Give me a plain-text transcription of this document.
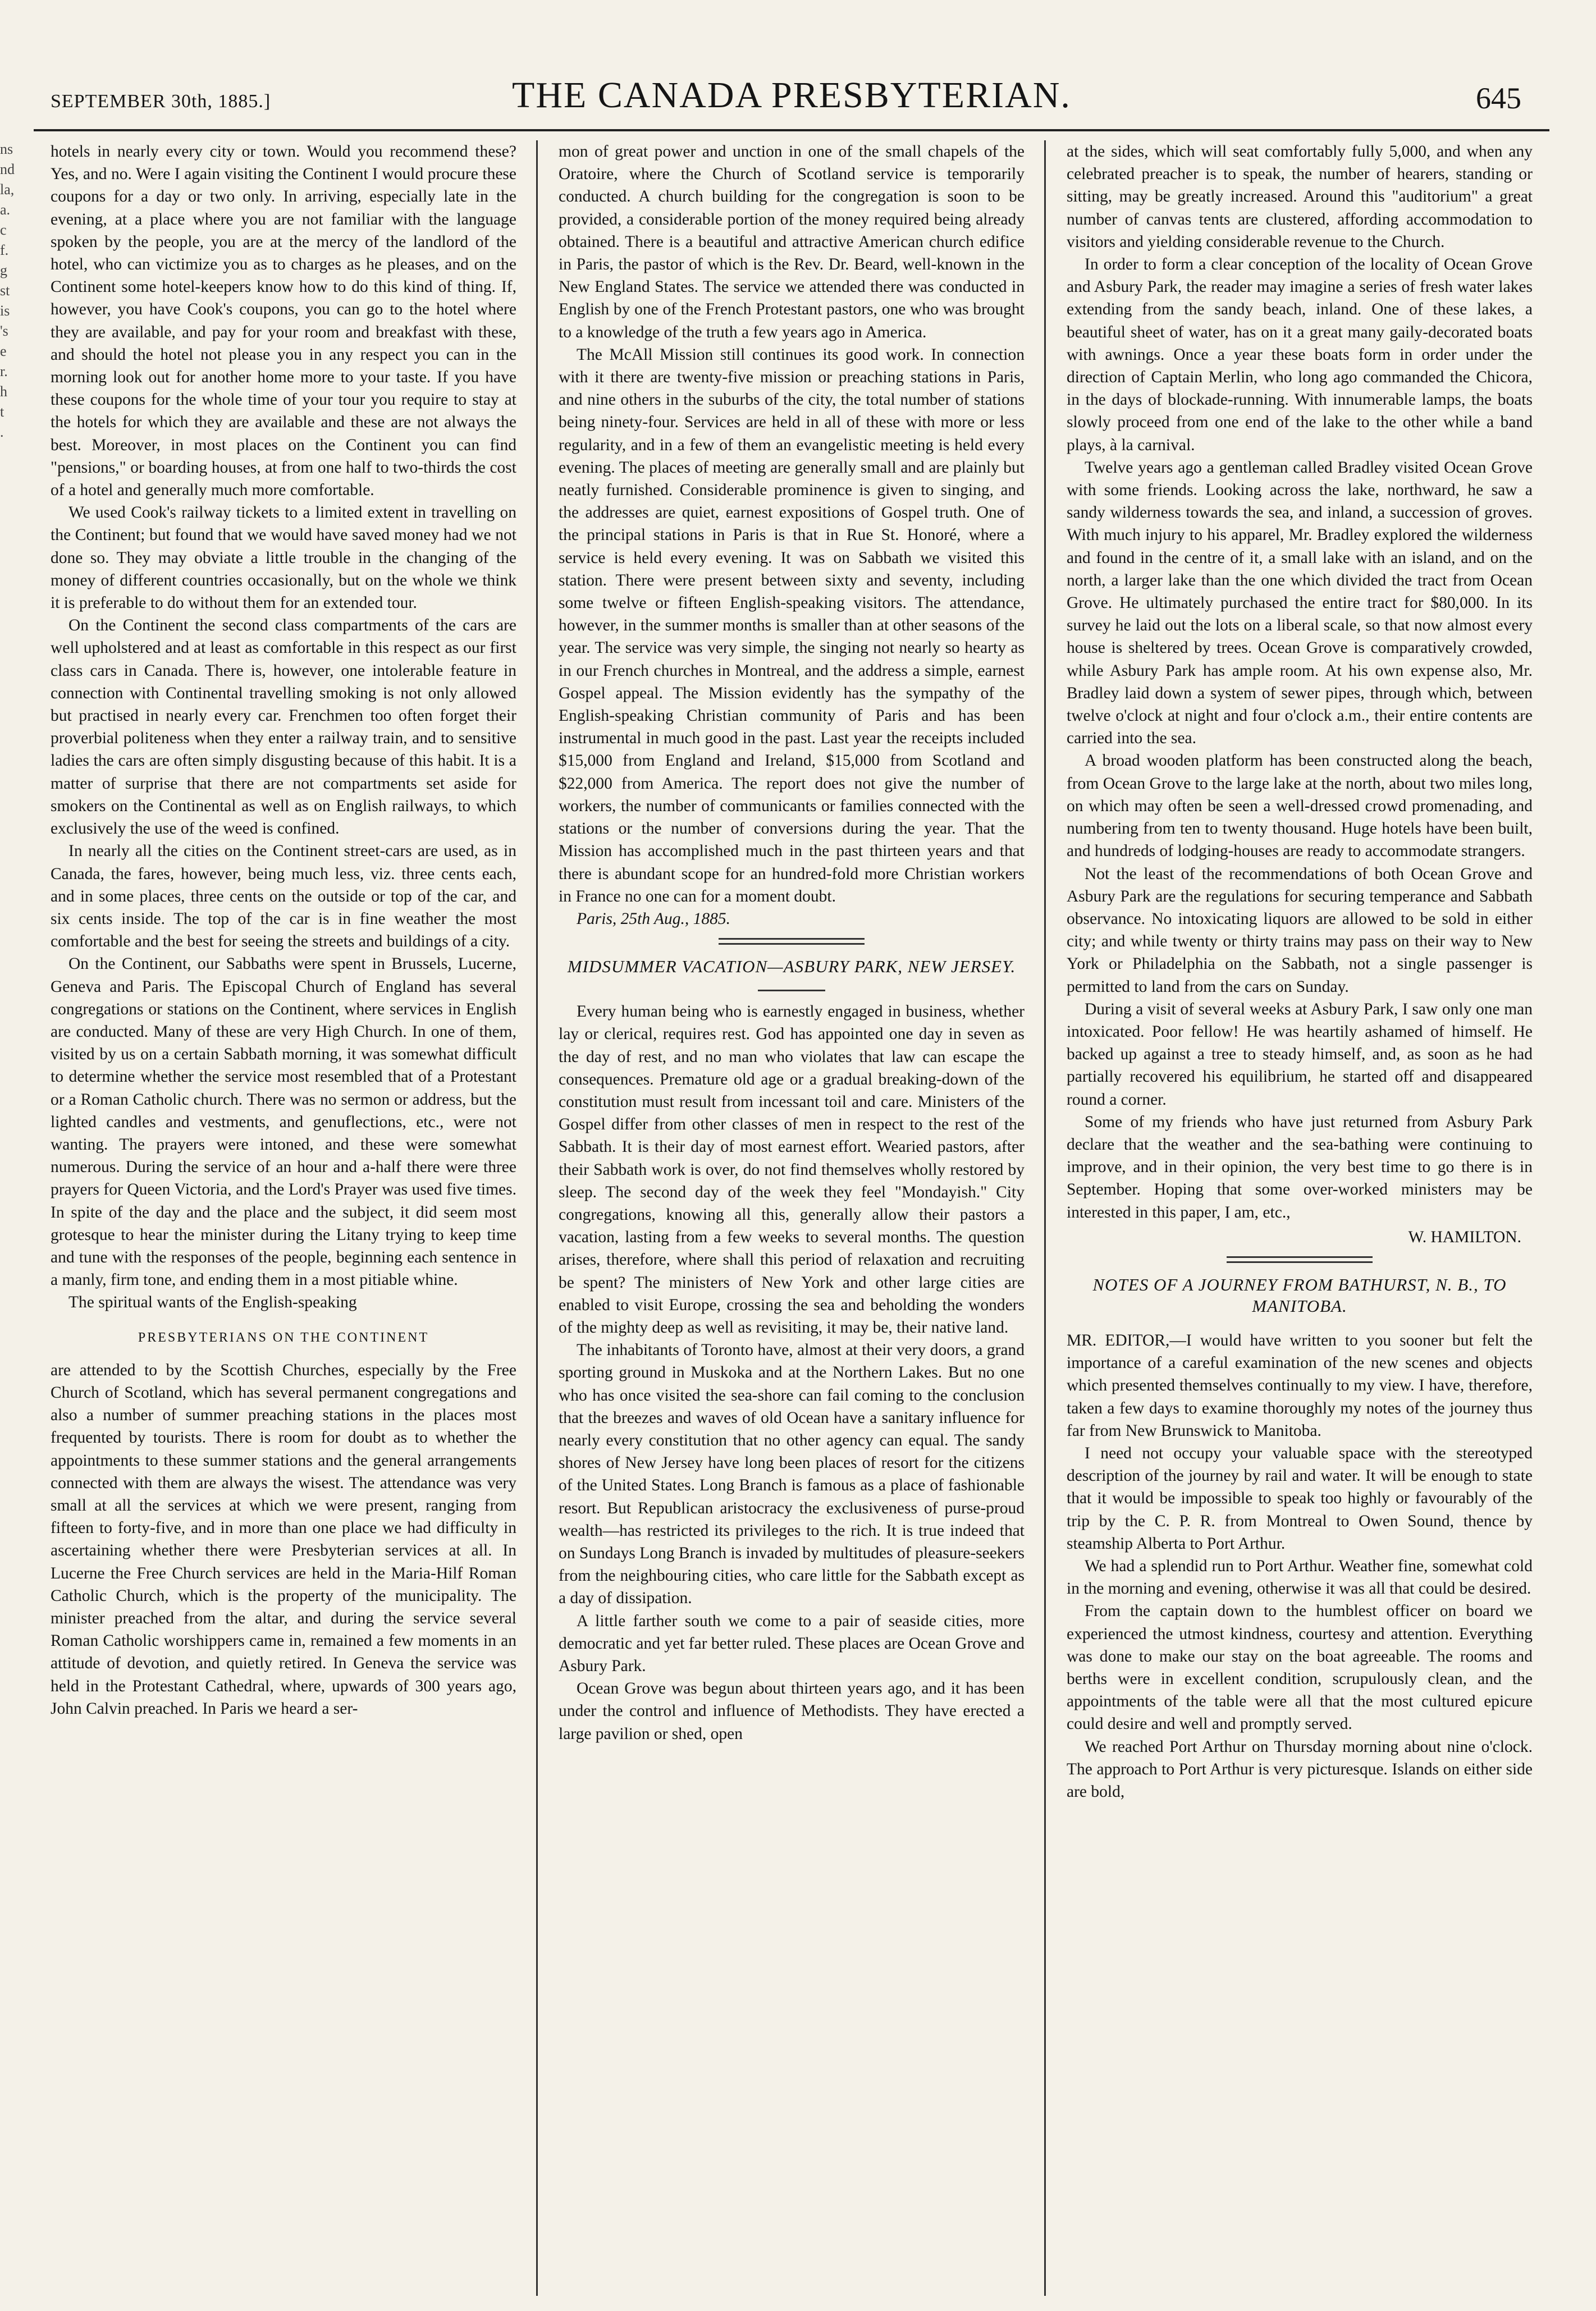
SEPTEMBER 30th, 1885.]	THE CANADA PRESBYTERIAN.	645
ns
nd
la,
a.
c
f.
g
st
is
's
e
r.
h
t
.

hotels in nearly every city or town. Would you recommend these? Yes, and no. Were I again visiting the Continent I would procure these coupons for a day or two only. In arriving, especially late in the evening, at a place where you are not familiar with the language spoken by the people, you are at the mercy of the landlord of the hotel, who can victimize you as to charges as he pleases, and on the Continent some hotel-keepers know how to do this kind of thing. If, however, you have Cook's coupons, you can go to the hotel where they are available, and pay for your room and breakfast with these, and should the hotel not please you in any respect you can in the morning look out for another home more to your taste. If you have these coupons for the whole time of your tour you require to stay at the hotels for which they are available and these are not always the best. Moreover, in most places on the Continent you can find "pensions," or boarding houses, at from one half to two-thirds the cost of a hotel and generally much more comfortable.

We used Cook's railway tickets to a limited extent in travelling on the Continent; but found that we would have saved money had we not done so. They may obviate a little trouble in the changing of the money of different countries occasionally, but on the whole we think it is preferable to do without them for an extended tour.

On the Continent the second class compartments of the cars are well upholstered and at least as comfortable in this respect as our first class cars in Canada. There is, however, one intolerable feature in connection with Continental travelling smoking is not only allowed but practised in nearly every car. Frenchmen too often forget their proverbial politeness when they enter a railway train, and to sensitive ladies the cars are often simply disgusting because of this habit. It is a matter of surprise that there are not compartments set aside for smokers on the Continental as well as on English railways, to which exclusively the use of the weed is confined.

In nearly all the cities on the Continent street-cars are used, as in Canada, the fares, however, being much less, viz. three cents each, and in some places, three cents on the outside or top of the car, and six cents inside. The top of the car is in fine weather the most comfortable and the best for seeing the streets and buildings of a city.

On the Continent, our Sabbaths were spent in Brussels, Lucerne, Geneva and Paris. The Episcopal Church of England has several congregations or stations on the Continent, where services in English are conducted. Many of these are very High Church. In one of them, visited by us on a certain Sabbath morning, it was somewhat difficult to determine whether the service most resembled that of a Protestant or a Roman Catholic church. There was no sermon or address, but the lighted candles and vestments, and genuflections, etc., were not wanting. The prayers were intoned, and these were somewhat numerous. During the service of an hour and a-half there were three prayers for Queen Victoria, and the Lord's Prayer was used five times. In spite of the day and the place and the subject, it did seem most grotesque to hear the minister during the Litany trying to keep time and tune with the responses of the people, beginning each sentence in a manly, firm tone, and ending them in a most pitiable whine.

The spiritual wants of the English-speaking

PRESBYTERIANS ON THE CONTINENT

are attended to by the Scottish Churches, especially by the Free Church of Scotland, which has several permanent congregations and also a number of summer preaching stations in the places most frequented by tourists. There is room for doubt as to whether the appointments to these summer stations and the general arrangements connected with them are always the wisest. The attendance was very small at all the services at which we were present, ranging from fifteen to forty-five, and in more than one place we had difficulty in ascertaining whether there were Presbyterian services at all. In Lucerne the Free Church services are held in the Maria-Hilf Roman Catholic Church, which is the property of the municipality. The minister preached from the altar, and during the service several Roman Catholic worshippers came in, remained a few moments in an attitude of devotion, and quietly retired. In Geneva the service was held in the Protestant Cathedral, where, upwards of 300 years ago, John Calvin preached. In Paris we heard a ser-

mon of great power and unction in one of the small chapels of the Oratoire, where the Church of Scotland service is temporarily conducted. A church building for the congregation is soon to be provided, a considerable portion of the money required being already obtained. There is a beautiful and attractive American church edifice in Paris, the pastor of which is the Rev. Dr. Beard, well-known in the New England States. The service we attended there was conducted in English by one of the French Protestant pastors, one who was brought to a knowledge of the truth a few years ago in America.

The McAll Mission still continues its good work. In connection with it there are twenty-five mission or preaching stations in Paris, and nine others in the suburbs of the city, the total number of stations being ninety-four. Services are held in all of these with more or less regularity, and in a few of them an evangelistic meeting is held every evening. The places of meeting are generally small and are plainly but neatly furnished. Considerable prominence is given to singing, and the addresses are quiet, earnest expositions of Gospel truth. One of the principal stations in Paris is that in Rue St. Honoré, where a service is held every evening. It was on Sabbath we visited this station. There were present between sixty and seventy, including some twelve or fifteen English-speaking visitors. The attendance, however, in the summer months is smaller than at other seasons of the year. The service was very simple, the singing not nearly so hearty as in our French churches in Montreal, and the address a simple, earnest Gospel appeal. The Mission evidently has the sympathy of the English-speaking Christian community of Paris and has been instrumental in much good in the past. Last year the receipts included $15,000 from England and Ireland, $15,000 from Scotland and $22,000 from America. The report does not give the number of workers, the number of communicants or families connected with the stations or the number of conversions during the year. That the Mission has accomplished much in the past thirteen years and that there is abundant scope for an hundred-fold more Christian workers in France no one can for a moment doubt.

Paris, 25th Aug., 1885.

MIDSUMMER VACATION—ASBURY PARK, NEW JERSEY.

Every human being who is earnestly engaged in business, whether lay or clerical, requires rest. God has appointed one day in seven as the day of rest, and no man who violates that law can escape the consequences. Premature old age or a gradual breaking-down of the constitution must result from incessant toil and care. Ministers of the Gospel differ from other classes of men in respect to the rest of the Sabbath. It is their day of most earnest effort. Wearied pastors, after their Sabbath work is over, do not find themselves wholly restored by sleep. The second day of the week they feel "Mondayish." City congregations, knowing all this, generally allow their pastors a vacation, lasting from a few weeks to several months. The question arises, therefore, where shall this period of relaxation and recruiting be spent? The ministers of New York and other large cities are enabled to visit Europe, crossing the sea and beholding the wonders of the mighty deep as well as revisiting, it may be, their native land.

The inhabitants of Toronto have, almost at their very doors, a grand sporting ground in Muskoka and at the Northern Lakes. But no one who has once visited the sea-shore can fail coming to the conclusion that the breezes and waves of old Ocean have a sanitary influence for nearly every constitution that no other agency can equal. The sandy shores of New Jersey have long been places of resort for the citizens of the United States. Long Branch is famous as a place of fashionable resort. But Republican aristocracy the exclusiveness of purse-proud wealth—has restricted its privileges to the rich. It is true indeed that on Sundays Long Branch is invaded by multitudes of pleasure-seekers from the neighbouring cities, who care little for the Sabbath except as a day of dissipation.

A little farther south we come to a pair of seaside cities, more democratic and yet far better ruled. These places are Ocean Grove and Asbury Park.

Ocean Grove was begun about thirteen years ago, and it has been under the control and influence of Methodists. They have erected a large pavilion or shed, open

at the sides, which will seat comfortably fully 5,000, and when any celebrated preacher is to speak, the number of hearers, standing or sitting, may be greatly increased. Around this "auditorium" a great number of canvas tents are clustered, affording accommodation to visitors and yielding considerable revenue to the Church.

In order to form a clear conception of the locality of Ocean Grove and Asbury Park, the reader may imagine a series of fresh water lakes extending from the sandy beach, inland. One of these lakes, a beautiful sheet of water, has on it a great many gaily-decorated boats with awnings. Once a year these boats form in order under the direction of Captain Merlin, who long ago commanded the Chicora, in the days of blockade-running. With innumerable lamps, the boats slowly proceed from one end of the lake to the other while a band plays, à la carnival.

Twelve years ago a gentleman called Bradley visited Ocean Grove with some friends. Looking across the lake, northward, he saw a sandy wilderness towards the sea, and inland, a succession of groves. With much injury to his apparel, Mr. Bradley explored the wilderness and found in the centre of it, a small lake with an island, and on the north, a larger lake than the one which divided the tract from Ocean Grove. He ultimately purchased the entire tract for $80,000. In its survey he laid out the lots on a liberal scale, so that now almost every house is sheltered by trees. Ocean Grove is comparatively crowded, while Asbury Park has ample room. At his own expense also, Mr. Bradley laid down a system of sewer pipes, through which, between twelve o'clock at night and four o'clock a.m., their entire contents are carried into the sea.

A broad wooden platform has been constructed along the beach, from Ocean Grove to the large lake at the north, about two miles long, on which may often be seen a well-dressed crowd promenading, and numbering from ten to twenty thousand. Huge hotels have been built, and hundreds of lodging-houses are ready to accommodate strangers.

Not the least of the recommendations of both Ocean Grove and Asbury Park are the regulations for securing temperance and Sabbath observance. No intoxicating liquors are allowed to be sold in either city; and while twenty or thirty trains may pass on their way to New York or Philadelphia on the Sabbath, not a single passenger is permitted to land from the cars on Sunday.

During a visit of several weeks at Asbury Park, I saw only one man intoxicated. Poor fellow! He was heartily ashamed of himself. He backed up against a tree to steady himself, and, as soon as he had partially recovered his equilibrium, he started off and disappeared round a corner.

Some of my friends who have just returned from Asbury Park declare that the weather and the sea-bathing were continuing to improve, and in their opinion, the very best time to go there is in September. Hoping that some over-worked ministers may be interested in this paper, I am, etc.,

W. HAMILTON.
NOTES OF A JOURNEY FROM BATHURST, N. B., TO MANITOBA.

MR. EDITOR,—I would have written to you sooner but felt the importance of a careful examination of the new scenes and objects which presented themselves continually to my view. I have, therefore, taken a few days to examine thoroughly my notes of the journey thus far from New Brunswick to Manitoba.

I need not occupy your valuable space with the stereotyped description of the journey by rail and water. It will be enough to state that it would be impossible to speak too highly or favourably of the trip by the C. P. R. from Montreal to Owen Sound, thence by steamship Alberta to Port Arthur.

We had a splendid run to Port Arthur. Weather fine, somewhat cold in the morning and evening, otherwise it was all that could be desired.

From the captain down to the humblest officer on board we experienced the utmost kindness, courtesy and attention. Everything was done to make our stay on the boat agreeable. The rooms and berths were in excellent condition, scrupulously clean, and the appointments of the table were all that the most cultured epicure could desire and well and promptly served.

We reached Port Arthur on Thursday morning about nine o'clock. The approach to Port Arthur is very picturesque. Islands on either side are bold,
